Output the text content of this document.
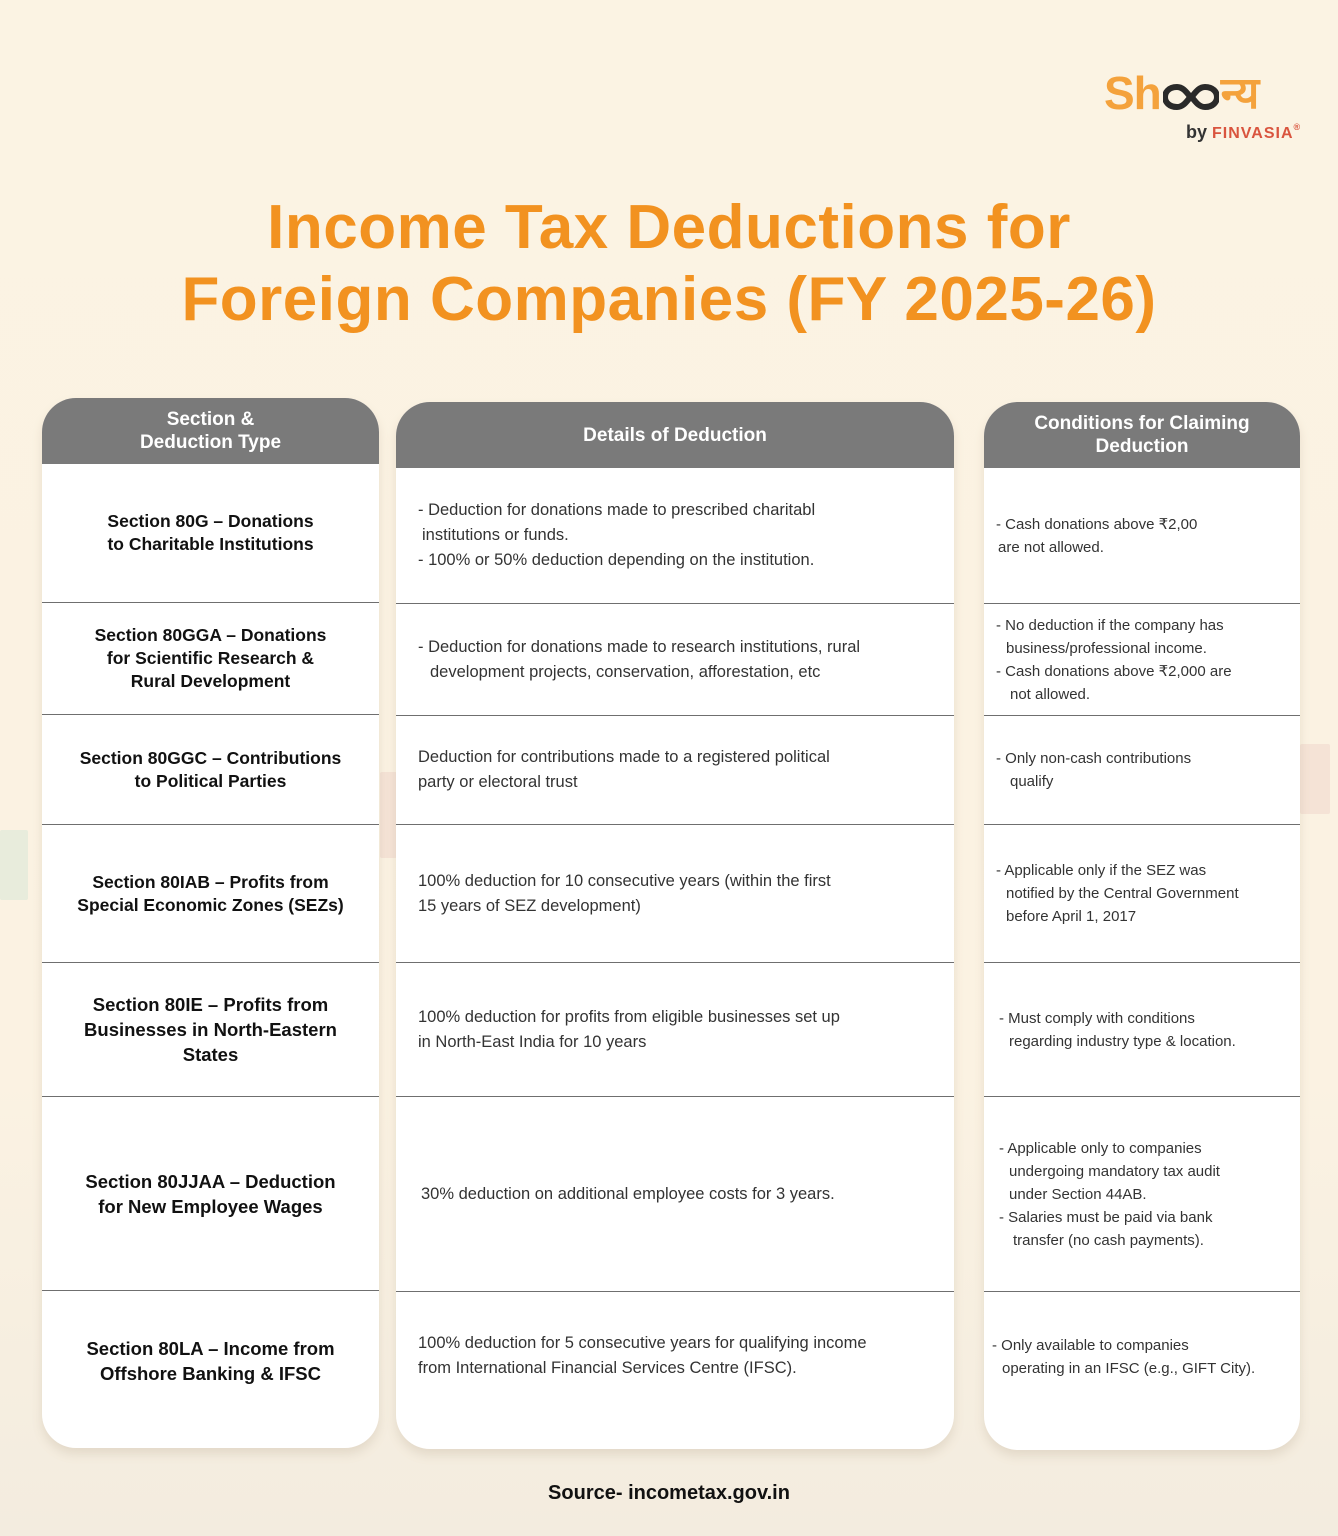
Sh न्य
by FINVASIA®
Income Tax Deductions for
Foreign Companies (FY 2025-26)
Section &
Deduction Type
Section 80G – Donations
to Charitable Institutions
Section 80GGA – Donations
for Scientific Research &
Rural Development
Section 80GGC – Contributions
to Political Parties
Section 80IAB – Profits from
Special Economic Zones (SEZs)
Section 80IE – Profits from
Businesses in North-Eastern
States
Section 80JJAA – Deduction
for New Employee Wages
Section 80LA – Income from
Offshore Banking & IFSC
Details of Deduction
- Deduction for donations made to prescribed charitabl
institutions or funds.
- 100% or 50% deduction depending on the institution.
- Deduction for donations made to research institutions, rural
development projects, conservation, afforestation, etc
Deduction for contributions made to a registered political
party or electoral trust
100% deduction for 10 consecutive years (within the first
15 years of SEZ development)
100% deduction for profits from eligible businesses set up
in North-East India for 10 years
30% deduction on additional employee costs for 3 years.
100% deduction for 5 consecutive years for qualifying income
from International Financial Services Centre (IFSC).
Conditions for Claiming
Deduction
- Cash donations above ₹2,00
are not allowed.
- No deduction if the company has
business/professional income.
- Cash donations above ₹2,000 are
not allowed.
- Only non-cash contributions
qualify
- Applicable only if the SEZ was
notified by the Central Government
before April 1, 2017
- Must comply with conditions
regarding industry type & location.
- Applicable only to companies
undergoing mandatory tax audit
under Section 44AB.
- Salaries must be paid via bank
transfer (no cash payments).
- Only available to companies
operating in an IFSC (e.g., GIFT City).
Source- incometax.gov.in
